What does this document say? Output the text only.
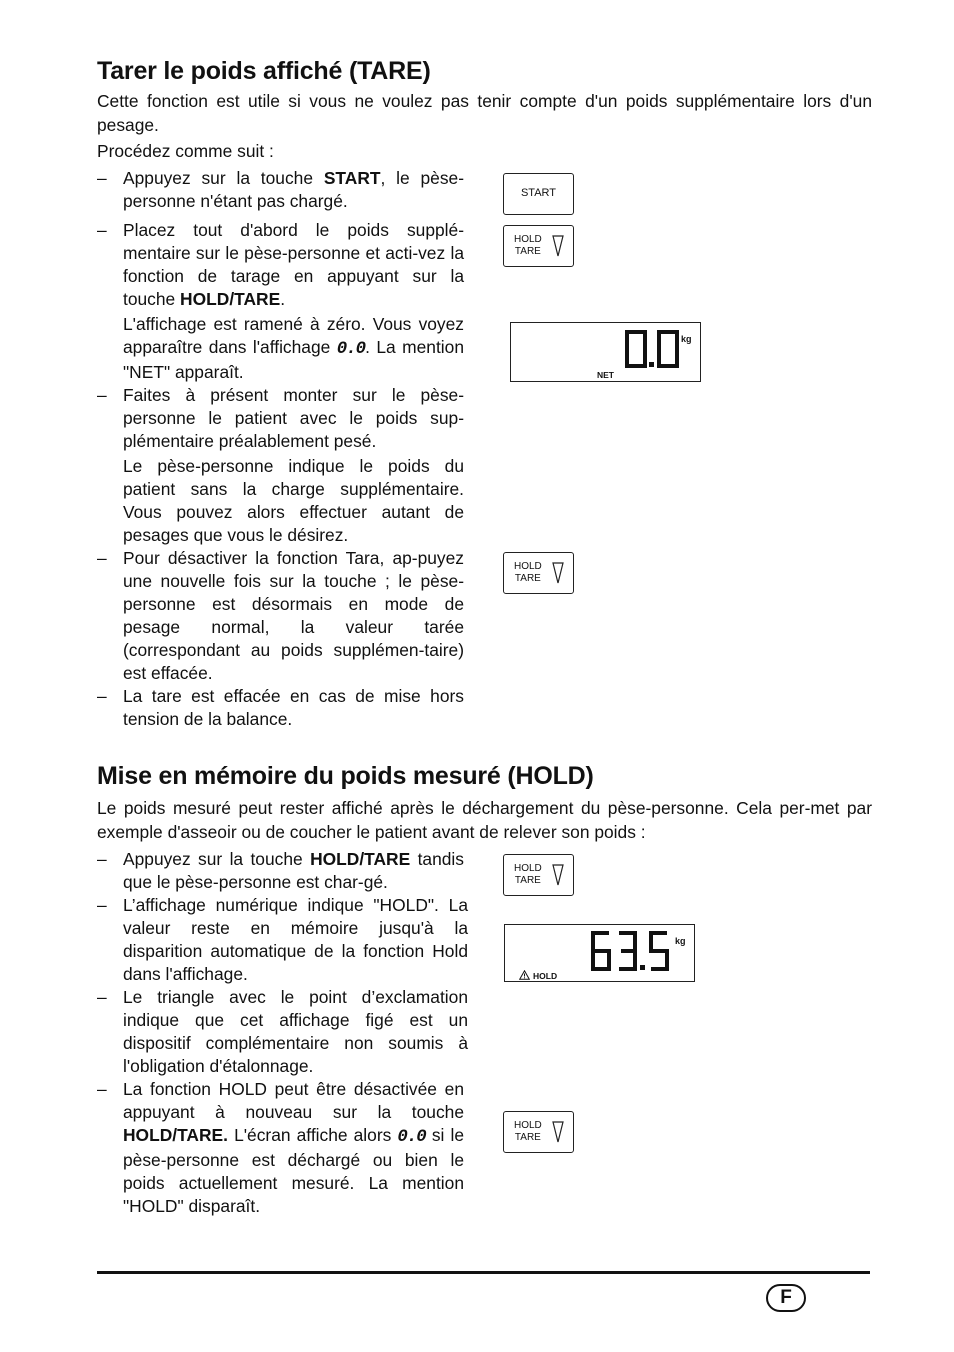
Tarer le poids affiché (TARE)

Cette fonction est utile si vous ne voulez pas tenir compte d'un poids supplémentaire lors d'un pesage.

Procédez comme suit :

– Appuyez sur la touche START, le pèse-personne n'étant pas chargé.
– Placez tout d'abord le poids supplé-mentaire sur le pèse-personne et acti-vez la fonction de tarage en appuyant sur la touche HOLD/TARE.
L'affichage est ramené à zéro. Vous voyez apparaître dans l'affichage 0.0. La mention "NET" apparaît.
– Faites à présent monter sur le pèse-personne le patient avec le poids sup-plémentaire préalablement pesé.
Le pèse-personne indique le poids du patient sans la charge supplémentaire. Vous pouvez alors effectuer autant de pesages que vous le désirez.
– Pour désactiver la fonction Tara, ap-puyez une nouvelle fois sur la touche ; le pèse-personne est désormais en mode de pesage normal, la valeur tarée (correspondant au poids supplémen-taire) est effacée.
– La tare est effacée en cas de mise hors tension de la balance.
START
HOLD
TARE
kg
NET
HOLD
TARE
Mise en mémoire du poids mesuré (HOLD)

Le poids mesuré peut rester affiché après le déchargement du pèse-personne. Cela per-met par exemple d'asseoir ou de coucher le patient avant de relever son poids :

– Appuyez sur la touche HOLD/TARE tandis que le pèse-personne est char-gé.
– L’affichage numérique indique "HOLD". La valeur reste en mémoire jusqu'à la disparition automatique de la fonction Hold dans l'affichage.
– Le triangle avec le point d’exclamation indique que cet affichage figé est un dispositif complémentaire non soumis à l'obligation d'étalonnage.
– La fonction HOLD peut être désactivée en appuyant à nouveau sur la touche HOLD/TARE. L'écran affiche alors 0.0 si le pèse-personne est déchargé ou bien le poids actuellement mesuré. La mention "HOLD" disparaît.
HOLD
TARE
kg
HOLD
HOLD
TARE
F
